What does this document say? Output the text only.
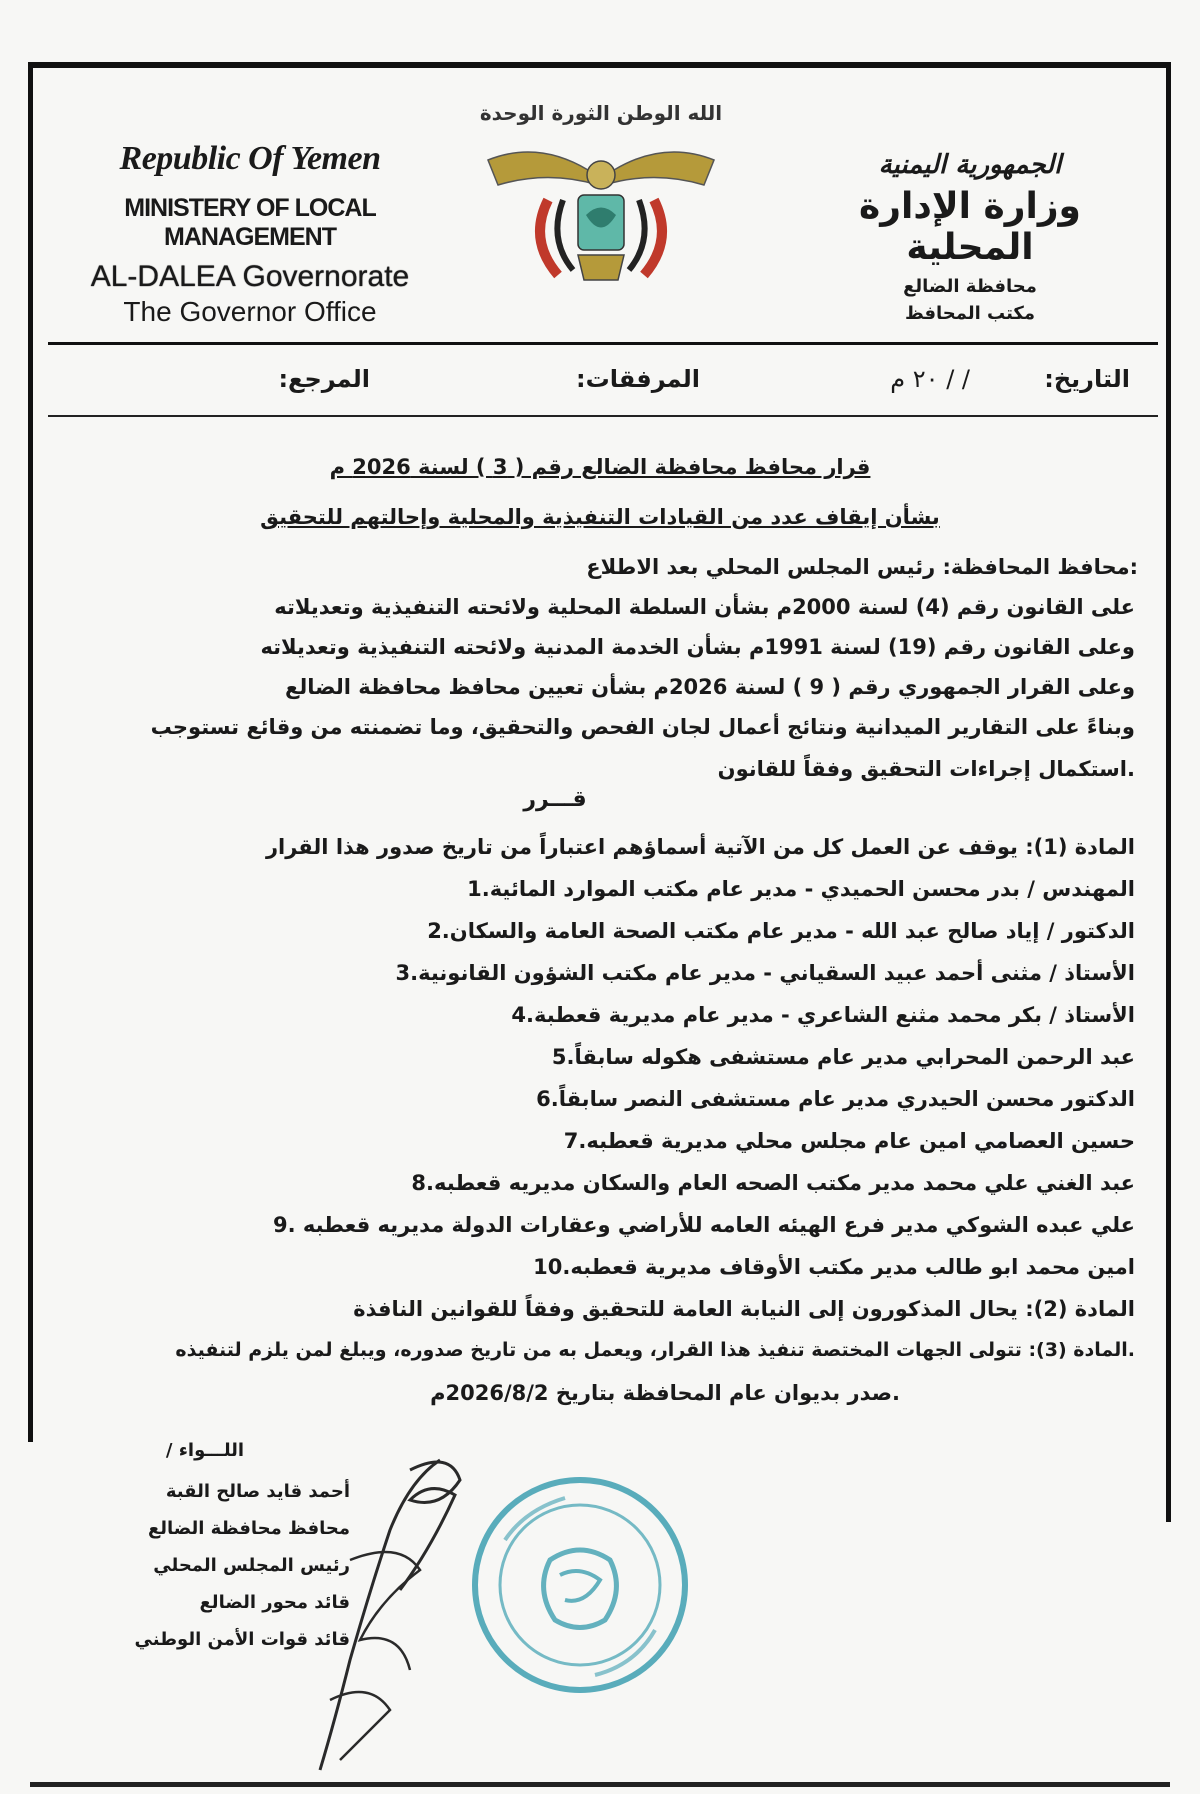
Republic Of Yemen
MINISTERY OF LOCAL MANAGEMENT
AL-DALEA Governorate
The Governor Office
الله الوطن الثورة الوحدة
الجمهورية اليمنية
وزارة الإدارة المحلية
محافظة الضالع
مكتب المحافظ
التاريخ:
/ / ٢٠ م
المرفقات:
المرجع:
قرار محافظ محافظة الضالع رقم ( 3 ) لسنة 2026 م
بشأن إيقاف عدد من القيادات التنفيذية والمحلية وإحالتهم للتحقيق
محافظ المحافظة: رئيس المجلس المحلي بعد الاطلاع:
على القانون رقم (4) لسنة 2000م بشأن السلطة المحلية ولائحته التنفيذية وتعديلاته
وعلى القانون رقم (19) لسنة 1991م بشأن الخدمة المدنية ولائحته التنفيذية وتعديلاته
وعلى القرار الجمهوري رقم ( 9 ) لسنة 2026م بشأن تعيين محافظ محافظة الضالع
وبناءً على التقارير الميدانية ونتائج أعمال لجان الفحص والتحقيق، وما تضمنته من وقائع تستوجب
استكمال إجراءات التحقيق وفقاً للقانون.
قـــرر
المادة (1): يوقف عن العمل كل من الآتية أسماؤهم اعتباراً من تاريخ صدور هذا القرار
1.المهندس / بدر محسن الحميدي - مدير عام مكتب الموارد المائية
2.الدكتور / إياد صالح عبد الله - مدير عام مكتب الصحة العامة والسكان
3.الأستاذ / مثنى أحمد عبيد السقياني - مدير عام مكتب الشؤون القانونية
4.الأستاذ / بكر محمد مثنع الشاعري - مدير عام مديرية قعطبة
5.عبد الرحمن المحرابي مدير عام مستشفى هكوله سابقاً
6.الدكتور محسن الحيدري مدير عام مستشفى النصر سابقاً
7.حسين العصامي امين عام مجلس محلي مديرية قعطبه
8.عبد الغني علي محمد مدير مكتب الصحه العام والسكان مديريه قعطبه
9. علي عبده الشوكي مدير فرع الهيئه العامه للأراضي وعقارات الدولة مديريه قعطبه
10.امين محمد ابو طالب مدير مكتب الأوقاف مديرية قعطبه
المادة (2): يحال المذكورون إلى النيابة العامة للتحقيق وفقاً للقوانين النافذة
المادة (3): تتولى الجهات المختصة تنفيذ هذا القرار، ويعمل به من تاريخ صدوره، ويبلغ لمن يلزم لتنفيذه.
صدر بديوان عام المحافظة بتاريخ 2026/8/2م.
اللـــواء /
أحمد قايد صالح القبة
محافظ محافظة الضالع
رئيس المجلس المحلي
قائد محور الضالع
قائد قوات الأمن الوطني
